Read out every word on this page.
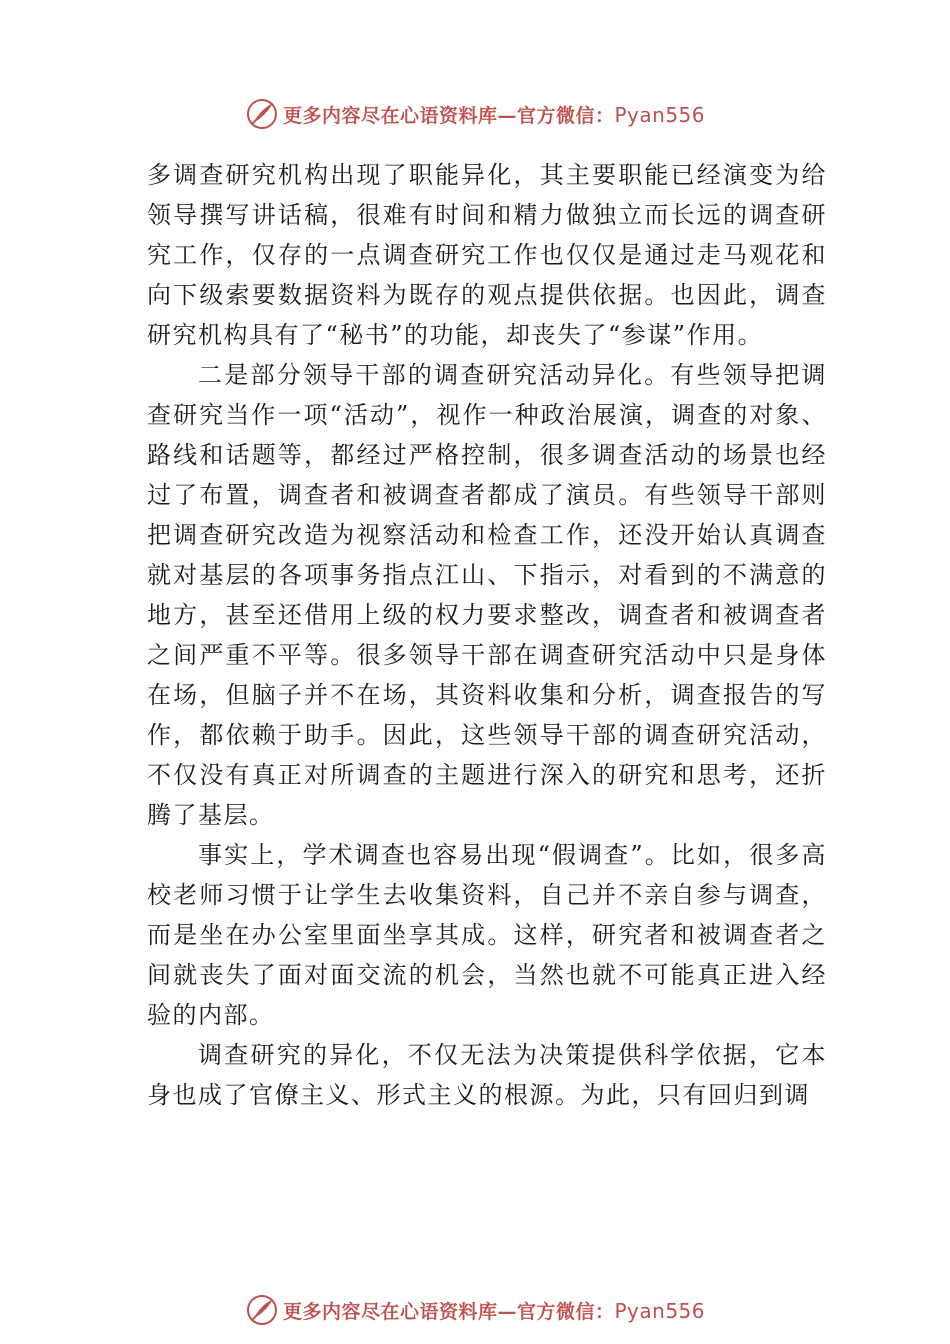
更多内容尽在心语资料库—官方微信：Pyan556

多调查研究机构出现了职能异化，其主要职能已经演变为给领导撰写讲话稿，很难有时间和精力做独立而长远的调查研究工作，仅存的一点调查研究工作也仅仅是通过走马观花和向下级索要数据资料为既存的观点提供依据。也因此，调查研究机构具有了“秘书”的功能，却丧失了“参谋”作用。

二是部分领导干部的调查研究活动异化。有些领导把调查研究当作一项“活动”，视作一种政治展演，调查的对象、路线和话题等，都经过严格控制，很多调查活动的场景也经过了布置，调查者和被调查者都成了演员。有些领导干部则把调查研究改造为视察活动和检查工作，还没开始认真调查就对基层的各项事务指点江山、下指示，对看到的不满意的地方，甚至还借用上级的权力要求整改，调查者和被调查者之间严重不平等。很多领导干部在调查研究活动中只是身体在场，但脑子并不在场，其资料收集和分析，调查报告的写作，都依赖于助手。因此，这些领导干部的调查研究活动， 不仅没有真正对所调查的主题进行深入的研究和思考，还折腾了基层。

事实上，学术调查也容易出现“假调查”。比如，很多高校老师习惯于让学生去收集资料，自己并不亲自参与调查， 而是坐在办公室里面坐享其成。这样，研究者和被调查者之间就丧失了面对面交流的机会，当然也就不可能真正进入经验的内部。

调查研究的异化，不仅无法为决策提供科学依据，它本身也成了官僚主义、形式主义的根源。为此，只有回归到调

更多内容尽在心语资料库—官方微信：Pyan556
